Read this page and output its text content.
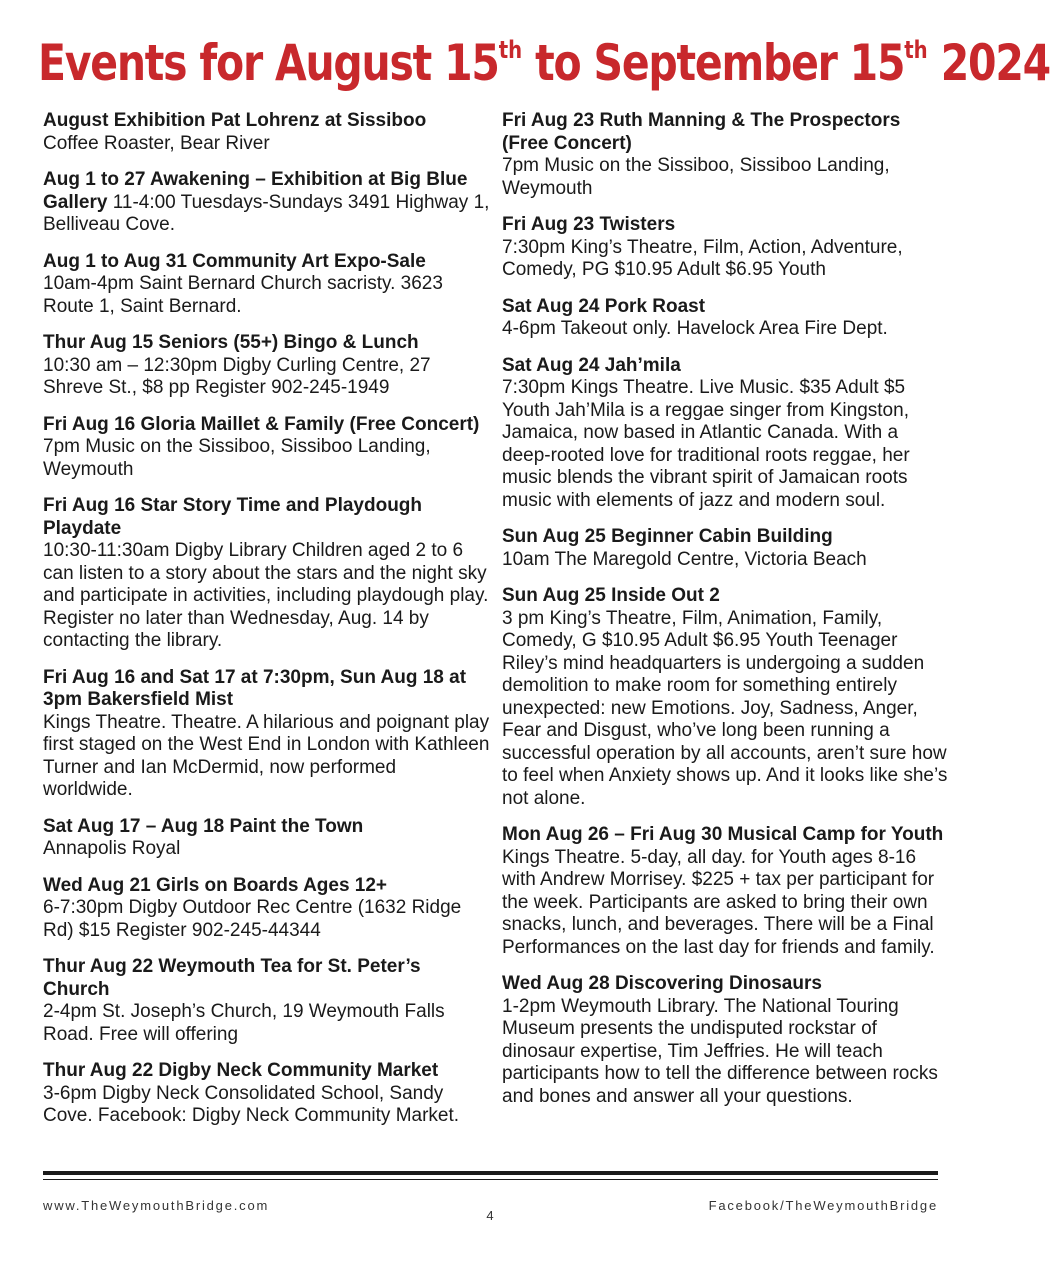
Events for August 15th to September 15th 2024
August Exhibition Pat Lohrenz at Sissiboo
Coffee Roaster, Bear River
Aug 1 to 27 Awakening – Exhibition at Big Blue Gallery 11-4:00 Tuesdays-Sundays 3491 Highway 1, Belliveau Cove.
Aug 1 to Aug 31 Community Art Expo-Sale
10am-4pm Saint Bernard Church sacristy. 3623 Route 1, Saint Bernard.
Thur Aug 15 Seniors (55+) Bingo & Lunch
10:30 am – 12:30pm Digby Curling Centre, 27 Shreve St., $8 pp Register 902-245-1949
Fri Aug 16 Gloria Maillet & Family (Free Concert)
7pm Music on the Sissiboo, Sissiboo Landing, Weymouth
Fri Aug 16 Star Story Time and Playdough Playdate
10:30-11:30am Digby Library Children aged 2 to 6 can listen to a story about the stars and the night sky and participate in activities, including playdough play. Register no later than Wednesday, Aug. 14 by contacting the library.
Fri Aug 16 and Sat 17 at 7:30pm, Sun Aug 18 at 3pm Bakersfield Mist
Kings Theatre. Theatre. A hilarious and poignant play first staged on the West End in London with Kathleen Turner and Ian McDermid, now performed worldwide.
Sat Aug 17 – Aug 18 Paint the Town
Annapolis Royal
Wed Aug 21 Girls on Boards Ages 12+
6-7:30pm Digby Outdoor Rec Centre (1632 Ridge Rd) $15 Register 902-245-44344
Thur Aug 22 Weymouth Tea for St. Peter’s Church
2-4pm St. Joseph’s Church, 19 Weymouth Falls Road. Free will offering
Thur Aug 22 Digby Neck Community Market
3-6pm Digby Neck Consolidated School, Sandy Cove. Facebook: Digby Neck Community Market.
Fri Aug 23 Ruth Manning & The Prospectors (Free Concert)
7pm Music on the Sissiboo, Sissiboo Landing, Weymouth
Fri Aug 23 Twisters
7:30pm King’s Theatre, Film, Action, Adventure, Comedy, PG $10.95 Adult $6.95 Youth
Sat Aug 24 Pork Roast
4-6pm Takeout only. Havelock Area Fire Dept.
Sat Aug 24 Jah’mila
7:30pm Kings Theatre. Live Music. $35 Adult $5 Youth Jah’Mila is a reggae singer from Kingston, Jamaica, now based in Atlantic Canada. With a deep-rooted love for traditional roots reggae, her music blends the vibrant spirit of Jamaican roots music with elements of jazz and modern soul.
Sun Aug 25 Beginner Cabin Building
10am The Maregold Centre, Victoria Beach
Sun Aug 25 Inside Out 2
3 pm King’s Theatre, Film, Animation, Family, Comedy, G $10.95 Adult $6.95 Youth Teenager Riley’s mind headquarters is undergoing a sudden demolition to make room for something entirely unexpected: new Emotions. Joy, Sadness, Anger, Fear and Disgust, who’ve long been running a successful operation by all accounts, aren’t sure how to feel when Anxiety shows up. And it looks like she’s not alone.
Mon Aug 26 – Fri Aug 30 Musical Camp for Youth
Kings Theatre. 5-day, all day. for Youth ages 8-16 with Andrew Morrisey. $225 + tax per participant for the week. Participants are asked to bring their own snacks, lunch, and beverages. There will be a Final Performances on the last day for friends and family.
Wed Aug 28 Discovering Dinosaurs
1-2pm Weymouth Library. The National Touring Museum presents the undisputed rockstar of dinosaur expertise, Tim Jeffries. He will teach participants how to tell the difference between rocks and bones and answer all your questions.
www.TheWeymouthBridge.com
4
Facebook/TheWeymouthBridge
